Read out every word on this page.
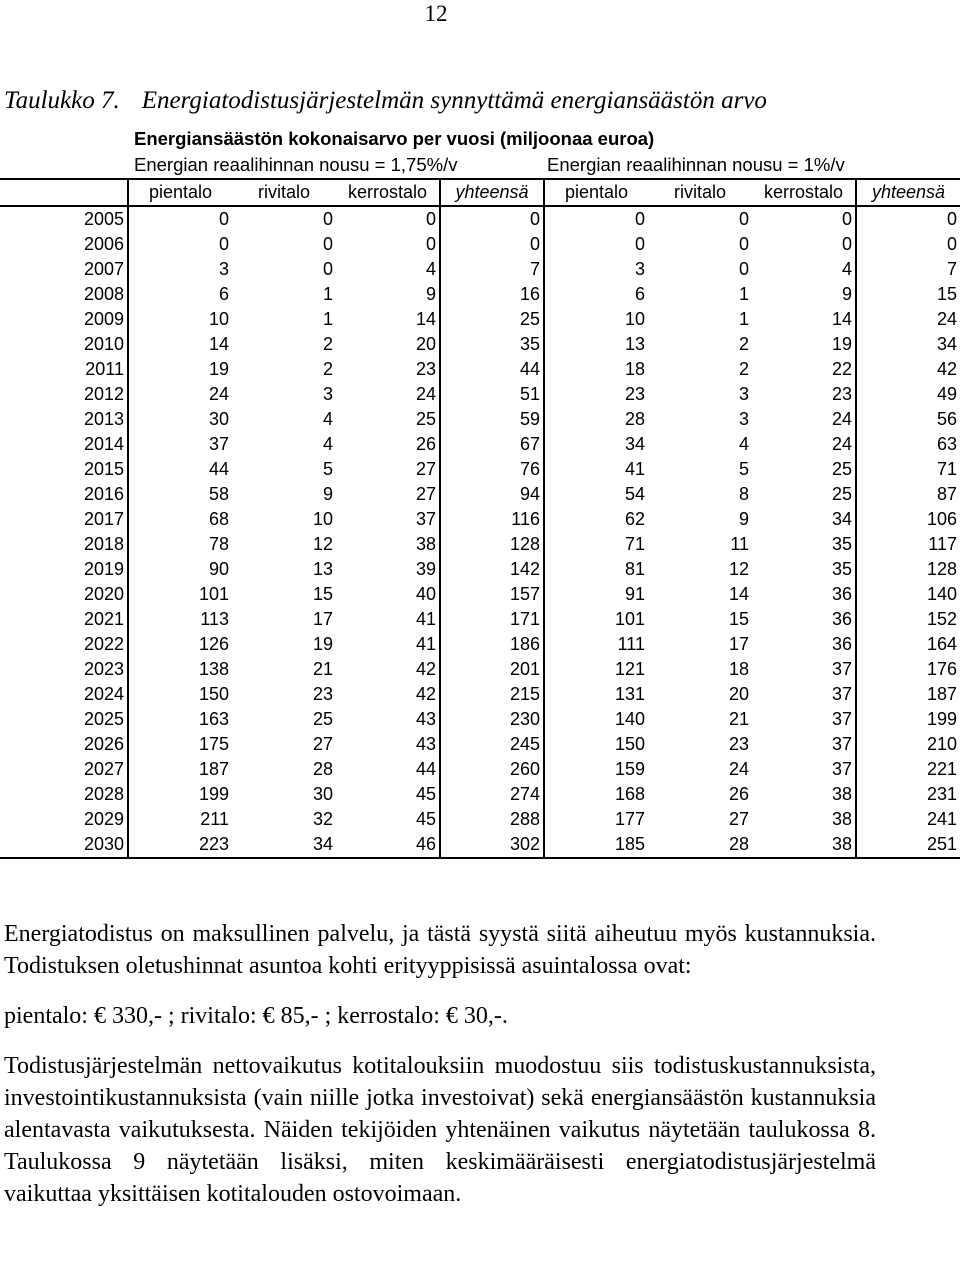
12
Taulukko 7. Energiatodistusjärjestelmän synnyttämä energiansäästön arvo
Energiansäästön kokonaisarvo per vuosi (miljoonaa euroa)
Energian reaalihinnan nousu = 1,75%/v	Energian reaalihinnan nousu = 1%/v
	pientalo	rivitalo	kerrostalo	yhteensä	pientalo	rivitalo	kerrostalo	yhteensä
2005	0	0	0	0	0	0	0	0
2006	0	0	0	0	0	0	0	0
2007	3	0	4	7	3	0	4	7
2008	6	1	9	16	6	1	9	15
2009	10	1	14	25	10	1	14	24
2010	14	2	20	35	13	2	19	34
2011	19	2	23	44	18	2	22	42
2012	24	3	24	51	23	3	23	49
2013	30	4	25	59	28	3	24	56
2014	37	4	26	67	34	4	24	63
2015	44	5	27	76	41	5	25	71
2016	58	9	27	94	54	8	25	87
2017	68	10	37	116	62	9	34	106
2018	78	12	38	128	71	11	35	117
2019	90	13	39	142	81	12	35	128
2020	101	15	40	157	91	14	36	140
2021	113	17	41	171	101	15	36	152
2022	126	19	41	186	111	17	36	164
2023	138	21	42	201	121	18	37	176
2024	150	23	42	215	131	20	37	187
2025	163	25	43	230	140	21	37	199
2026	175	27	43	245	150	23	37	210
2027	187	28	44	260	159	24	37	221
2028	199	30	45	274	168	26	38	231
2029	211	32	45	288	177	27	38	241
2030	223	34	46	302	185	28	38	251

Energiatodistus on maksullinen palvelu, ja tästä syystä siitä aiheutuu myös kustannuksia. Todistuksen oletushinnat asuntoa kohti erityyppisissä asuintalossa ovat:

pientalo: € 330,- ; rivitalo: € 85,- ; kerrostalo: € 30,-.

Todistusjärjestelmän nettovaikutus kotitalouksiin muodostuu siis todistuskustannuksista, investointikustannuksista (vain niille jotka investoivat) sekä energiansäästön kustannuksia alentavasta vaikutuksesta. Näiden tekijöiden yhtenäinen vaikutus näytetään taulukossa 8. Taulukossa 9 näytetään lisäksi, miten keskimääräisesti energiatodistusjärjestelmä vaikuttaa yksittäisen kotitalouden ostovoimaan.
